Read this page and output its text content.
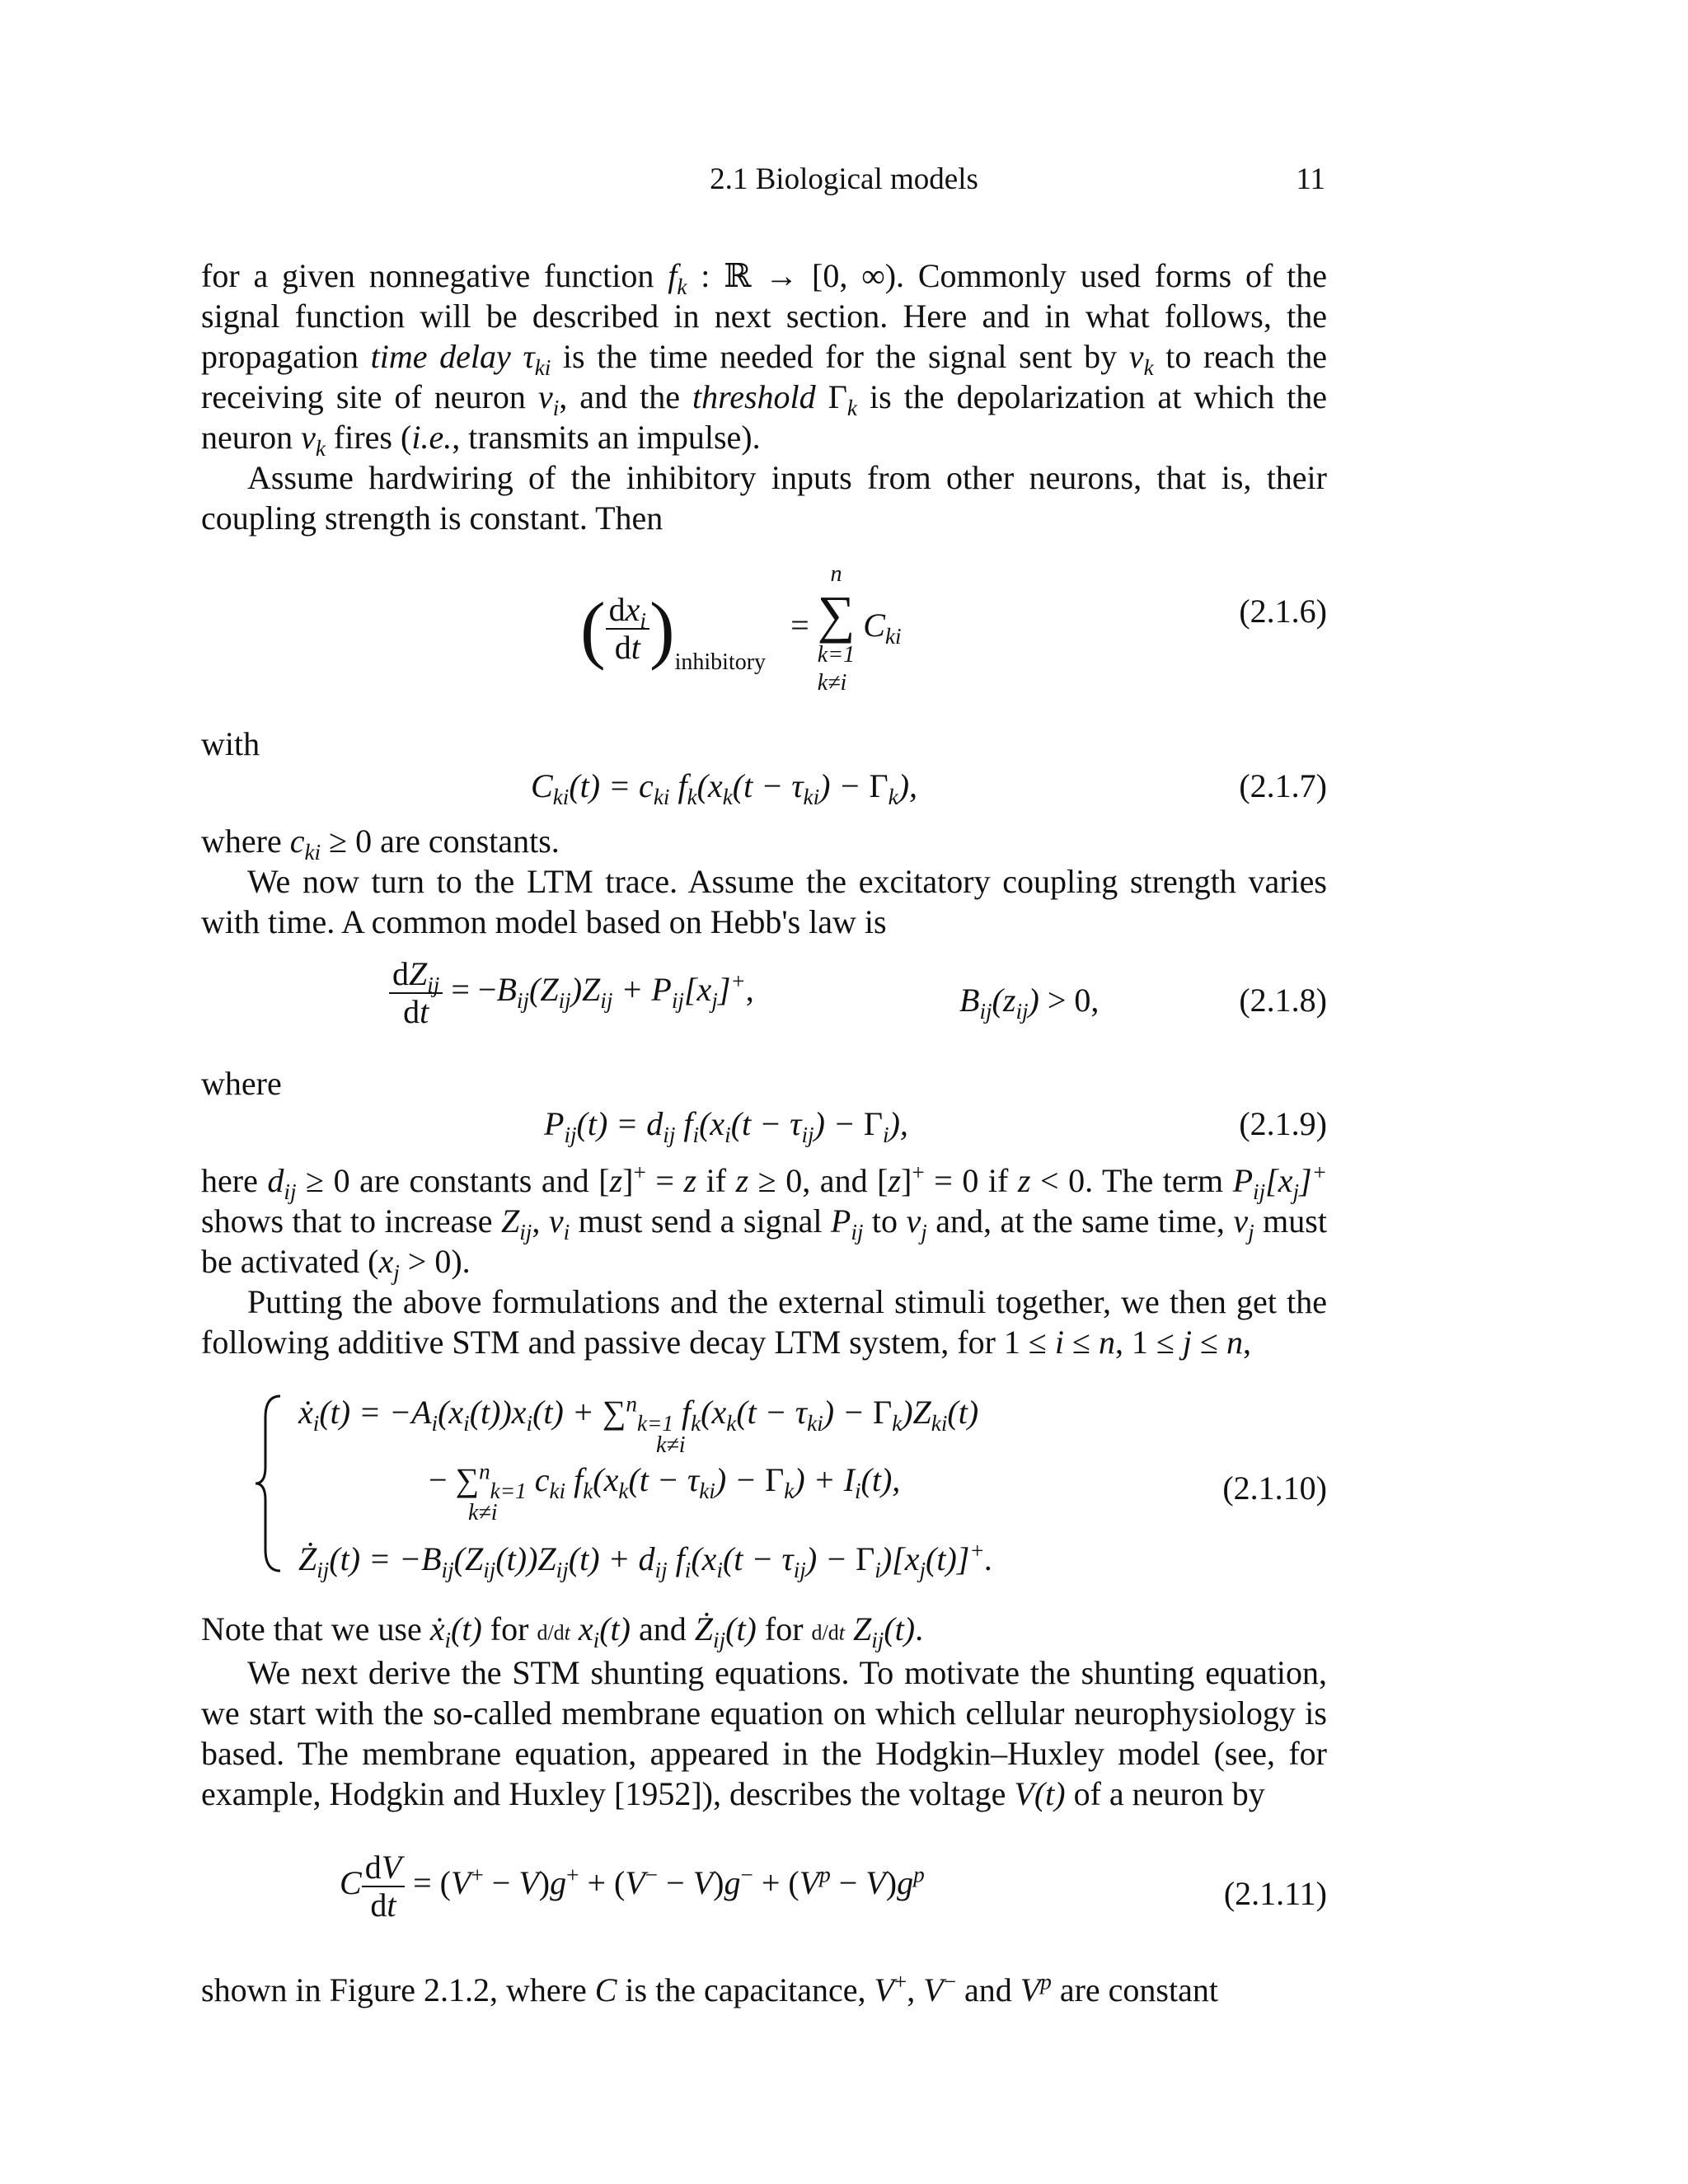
2.1 Biological models	11

for a given nonnegative function $f_k$ : ℝ → [0, ∞). Commonly used forms of the signal function will be described in next section. Here and in what follows, the propagation time delay $\tau_{ki}$ is the time needed for the signal sent by $v_k$ to reach the receiving site of neuron $v_i$, and the threshold $\Gamma_k$ is the depolarization at which the neuron $v_k$ fires (i.e., transmits an impulse).

Assume hardwiring of the inhibitory inputs from other neurons, that is, their coupling strength is constant. Then

( $\frac{dx_i}{dt} )_{inhibitory}$   =
n
∑
k=1
k≠i
$C_{ki}$
(2.1.6)
with
$C_{ki}(t) = c_{ki}$ $f_k(x_k(t - \tau_{ki}) - \Gamma_k)$,	(2.1.7)

where $c_{ki} \ge 0$ are constants.

We now turn to the LTM trace. Assume the excitatory coupling strength varies with time. A common model based on Hebb's law is

$\frac{dZ_{ij}}{dt} = -B_{ij}(Z_{ij})Z_{ij} + P_{ij}[x_j]^+$,	$B_{ij}(z_{ij}) > 0$,	(2.1.8)
where
$P_{ij}(t) = d_{ij}$ $f_i(x_i(t - \tau_{ij}) - \Gamma_i)$,	(2.1.9)

here $d_{ij} \ge 0$ are constants and [z]+ = z if z ≥ 0, and [z]+ = 0 if z < 0. The term $P_{ij}[x_j]^+$ shows that to increase $Z_{ij}$, $v_i$ must send a signal $P_{ij}$ to $v_j$ and, at the same time, $v_j$ must be activated $(x_j > 0)$.

Putting the above formulations and the external stimuli together, we then get the following additive STM and passive decay LTM system, for 1 ≤ i ≤ n, 1 ≤ j ≤ n,

ẋ$_i$(t) = $-A_i(x_i(t))x_i(t) + \sum^n_{k=1}$ $f_k(x_k(t - \tau_{ki}) - \Gamma_k)Z_{ki}(t)$
k≠i
− ∑$^n_{k=1}$ $c_{ki}$ $f_k(x_k(t - \tau_{ki}) - \Gamma_k) + I_i(t)$,
k≠i
$Ż_{ij}(t) = -B_{ij}(Z_{ij}(t))Z_{ij}(t) + d_{ij}$ $f_i(x_i(t - \tau_{ij}) - \Gamma_i)[x_j(t)]^+$.
(2.1.10)

Note that we use ẋ$_i$(t) for d/dt $x_i(t)$ and $Ż_{ij}(t)$ for d/dt $Z_{ij}(t)$.

We next derive the STM shunting equations. To motivate the shunting equation, we start with the so-called membrane equation on which cellular neurophysiology is based. The membrane equation, appeared in the Hodgkin–Huxley model (see, for example, Hodgkin and Huxley [1952]), describes the voltage V(t) of a neuron by

C $\frac{dV}{dt} = (V^+ - V)g^+ + (V^- - V)g^- + (V^p - V)g^p$
(2.1.11)

shown in Figure 2.1.2, where C is the capacitance, V+, V− and $V^p$ are constant
